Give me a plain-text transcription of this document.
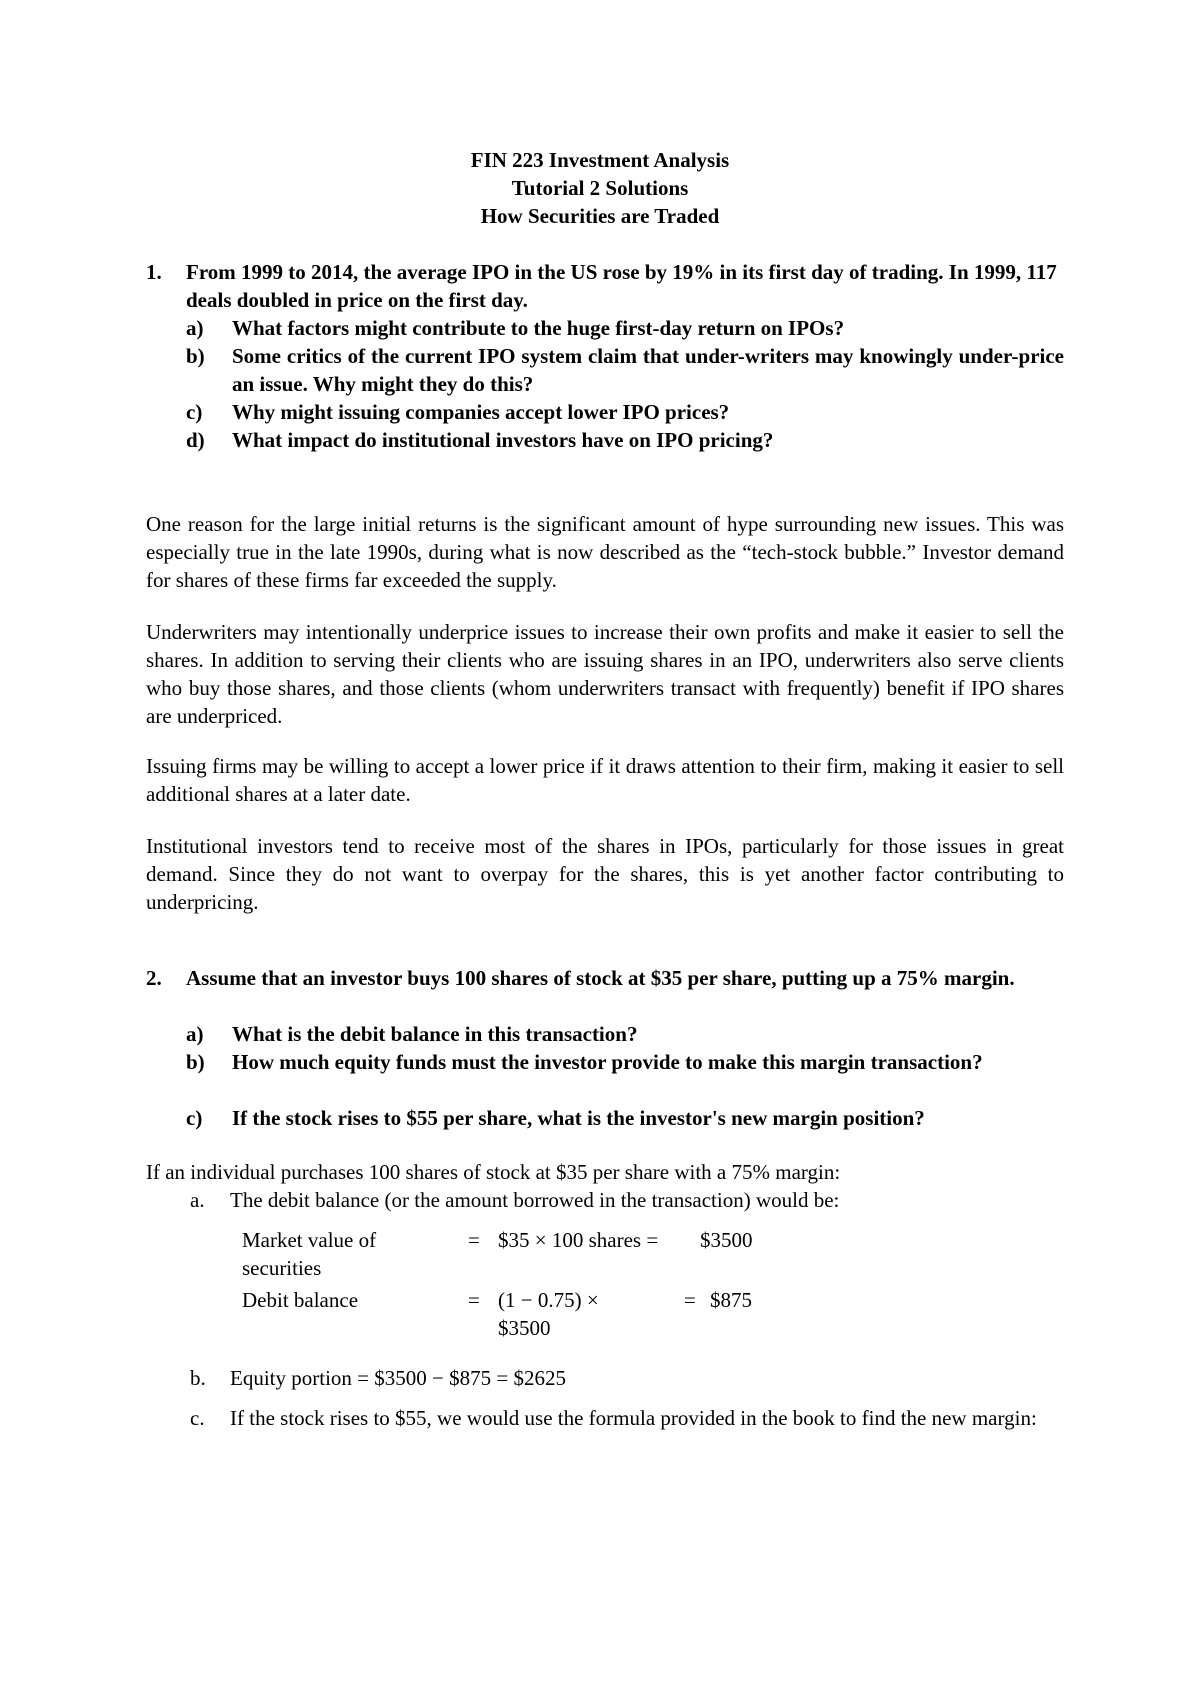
FIN 223 Investment Analysis
Tutorial 2 Solutions
How Securities are Traded
1. From 1999 to 2014, the average IPO in the US rose by 19% in its first day of trading. In 1999, 117 deals doubled in price on the first day.
a) What factors might contribute to the huge first-day return on IPOs?
b) Some critics of the current IPO system claim that under-writers may knowingly under-price an issue. Why might they do this?
c) Why might issuing companies accept lower IPO prices?
d) What impact do institutional investors have on IPO pricing?
One reason for the large initial returns is the significant amount of hype surrounding new issues. This was especially true in the late 1990s, during what is now described as the “tech-stock bubble.” Investor demand for shares of these firms far exceeded the supply.
Underwriters may intentionally underprice issues to increase their own profits and make it easier to sell the shares. In addition to serving their clients who are issuing shares in an IPO, underwriters also serve clients who buy those shares, and those clients (whom underwriters transact with frequently) benefit if IPO shares are underpriced.
Issuing firms may be willing to accept a lower price if it draws attention to their firm, making it easier to sell additional shares at a later date.
Institutional investors tend to receive most of the shares in IPOs, particularly for those issues in great demand. Since they do not want to overpay for the shares, this is yet another factor contributing to underpricing.
2. Assume that an investor buys 100 shares of stock at $35 per share, putting up a 75% margin.
a) What is the debit balance in this transaction?
b) How much equity funds must the investor provide to make this margin transaction?
c) If the stock rises to $55 per share, what is the investor's new margin position?
If an individual purchases 100 shares of stock at $35 per share with a 75% margin:
a. The debit balance (or the amount borrowed in the transaction) would be:
Market value of
securities
= $35 × 100 shares = $3500
Debit balance	= (1 − 0.75) ×
$3500
= $875
b. Equity portion = $3500 − $875 = $2625
c. If the stock rises to $55, we would use the formula provided in the book to find the new margin:
